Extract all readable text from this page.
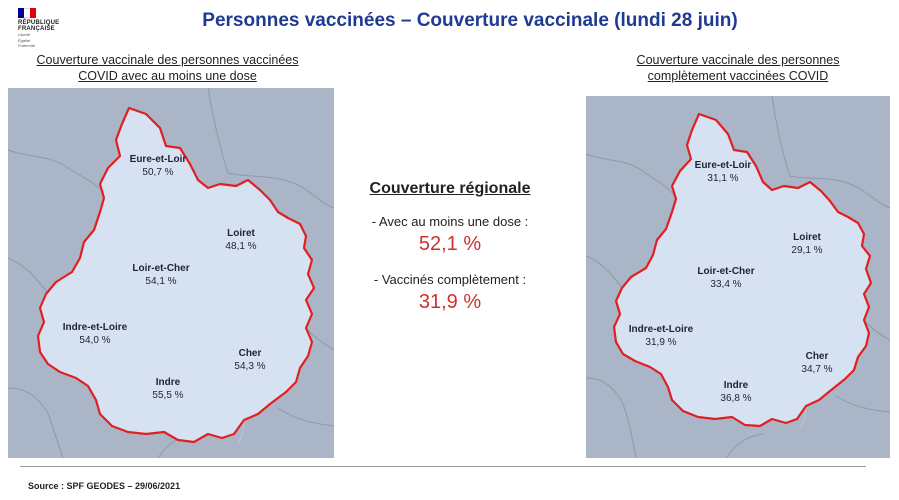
RÉPUBLIQUE
FRANÇAISE
Liberté
Égalité
Fraternité
Personnes vaccinées – Couverture vaccinale (lundi 28 juin)
Couverture vaccinale des personnes vaccinées
COVID avec au moins une dose
Couverture vaccinale des personnes
complètement vaccinées COVID
Eure-et-Loir
50,7 %
Loiret
48,1 %
Loir-et-Cher
54,1 %
Indre-et-Loire
54,0 %
Cher
54,3 %
Indre
55,5 %
Couverture régionale
- Avec au moins une dose :
52,1 %
- Vaccinés complètement :
31,9 %
Eure-et-Loir
31,1 %
Loiret
29,1 %
Loir-et-Cher
33,4 %
Indre-et-Loire
31,9 %
Cher
34,7 %
Indre
36,8 %
Source : SPF GEODES – 29/06/2021
